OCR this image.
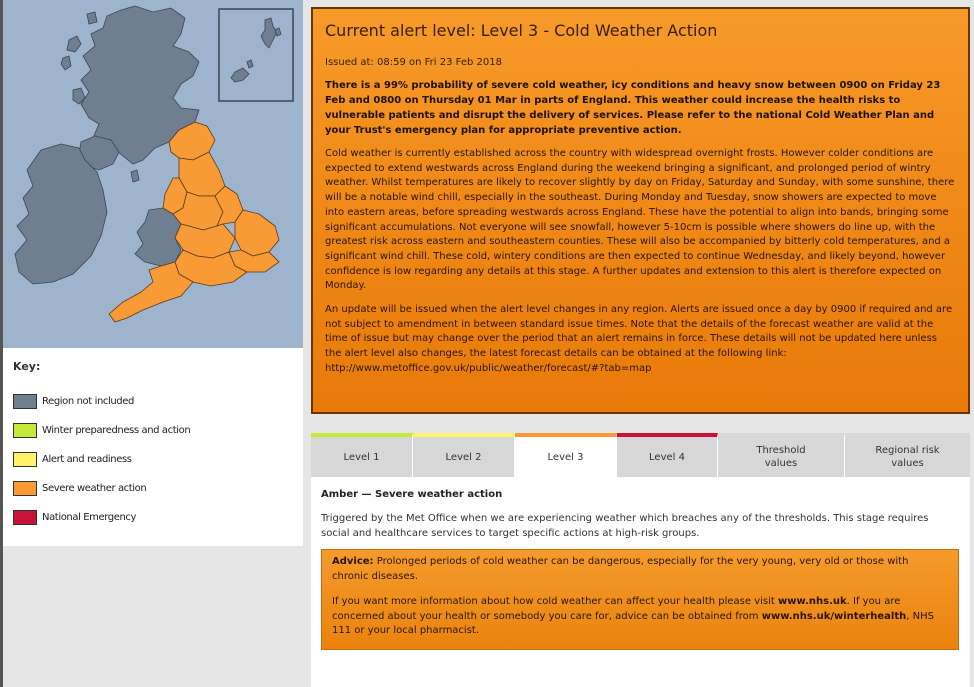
Key:
Region not included
Winter preparedness and action
Alert and readiness
Severe weather action
National Emergency
Current alert level: Level 3 - Cold Weather Action
Issued at: 08:59 on Fri 23 Feb 2018
There is a 99% probability of severe cold weather, icy conditions and heavy snow between 0900 on Friday 23 Feb and 0800 on Thursday 01 Mar in parts of England. This weather could increase the health risks to vulnerable patients and disrupt the delivery of services. Please refer to the national Cold Weather Plan and your Trust's emergency plan for appropriate preventive action.
Cold weather is currently established across the country with widespread overnight frosts. However colder conditions are expected to extend westwards across England during the weekend bringing a significant, and prolonged period of wintry weather. Whilst temperatures are likely to recover slightly by day on Friday, Saturday and Sunday, with some sunshine, there will be a notable wind chill, especially in the southeast. During Monday and Tuesday, snow showers are expected to move into eastern areas, before spreading westwards across England. These have the potential to align into bands, bringing some significant accumulations. Not everyone will see snowfall, however 5-10cm is possible where showers do line up, with the greatest risk across eastern and southeastern counties. These will also be accompanied by bitterly cold temperatures, and a significant wind chill. These cold, wintery conditions are then expected to continue Wednesday, and likely beyond, however confidence is low regarding any details at this stage. A further updates and extension to this alert is therefore expected on Monday.
An update will be issued when the alert level changes in any region. Alerts are issued once a day by 0900 if required and are not subject to amendment in between standard issue times. Note that the details of the forecast weather are valid at the time of issue but may change over the period that an alert remains in force. These details will not be updated here unless the alert level also changes, the latest forecast details can be obtained at the following link: http://www.metoffice.gov.uk/public/weather/forecast/#?tab=map
Level 1	Level 2	Level 3	Level 4
Threshold values
Regional risk values
Amber — Severe weather action
Triggered by the Met Office when we are experiencing weather which breaches any of the thresholds. This stage requires social and healthcare services to target specific actions at high-risk groups.

Advice: Prolonged periods of cold weather can be dangerous, especially for the very young, very old or those with chronic diseases.

If you want more information about how cold weather can affect your health please visit www.nhs.uk. If you are concerned about your health or somebody you care for, advice can be obtained from www.nhs.uk/winterhealth, NHS 111 or your local pharmacist.
